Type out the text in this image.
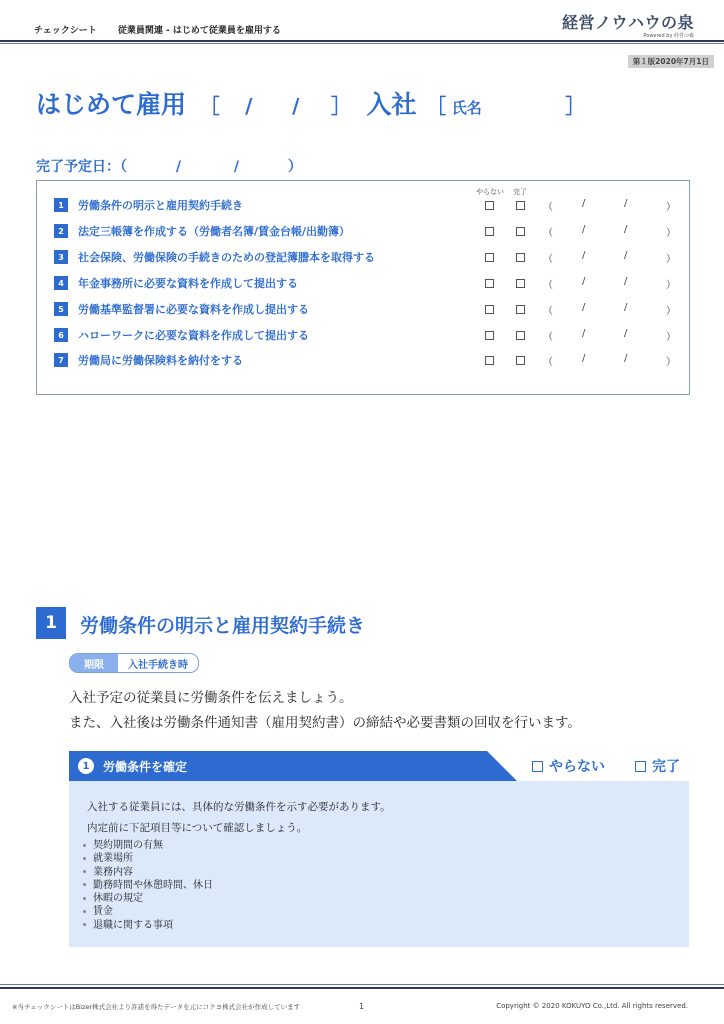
チェックシート 従業員関連 - はじめて従業員を雇用する	経営ノウハウの泉
Powered by 経営の森
第１版2020年7月1日
はじめて雇用 ［ / / ］ 入社 ［ 氏名	］
完了予定日：（	/	/	）
やらない 完了
1	労働条件の明示と雇用契約手続き	（	/	/	）
2	法定三帳簿を作成する（労働者名簿/賃金台帳/出勤簿）	（	/	/	）
3	社会保険、労働保険の手続きのための登記簿謄本を取得する	（	/	/	）
4	年金事務所に必要な資料を作成して提出する	（	/	/	）
5	労働基準監督署に必要な資料を作成し提出する	（	/	/	）
6	ハローワークに必要な資料を作成して提出する	（	/	/	）
7	労働局に労働保険料を納付をする	（	/	/	）
1	労働条件の明示と雇用契約手続き
期限	入社手続き時
入社予定の従業員に労働条件を伝えましょう。
また、入社後は労働条件通知書（雇用契約書）の締結や必要書類の回収を行います。
1	労働条件を確定	やらない	完了

入社する従業員には、具体的な労働条件を示す必要があります。

内定前に下記項目等について確認しましょう。

契約期間の有無
就業場所
業務内容
勤務時間や休憩時間、休日
休暇の規定
賃金
退職に関する事項
※当チェックシートはBizer株式会社より許諾を得たデータを元にコクヨ株式会社が作成しています	1	Copyright © 2020 KOKUYO Co.,Ltd. All rights reserved.
